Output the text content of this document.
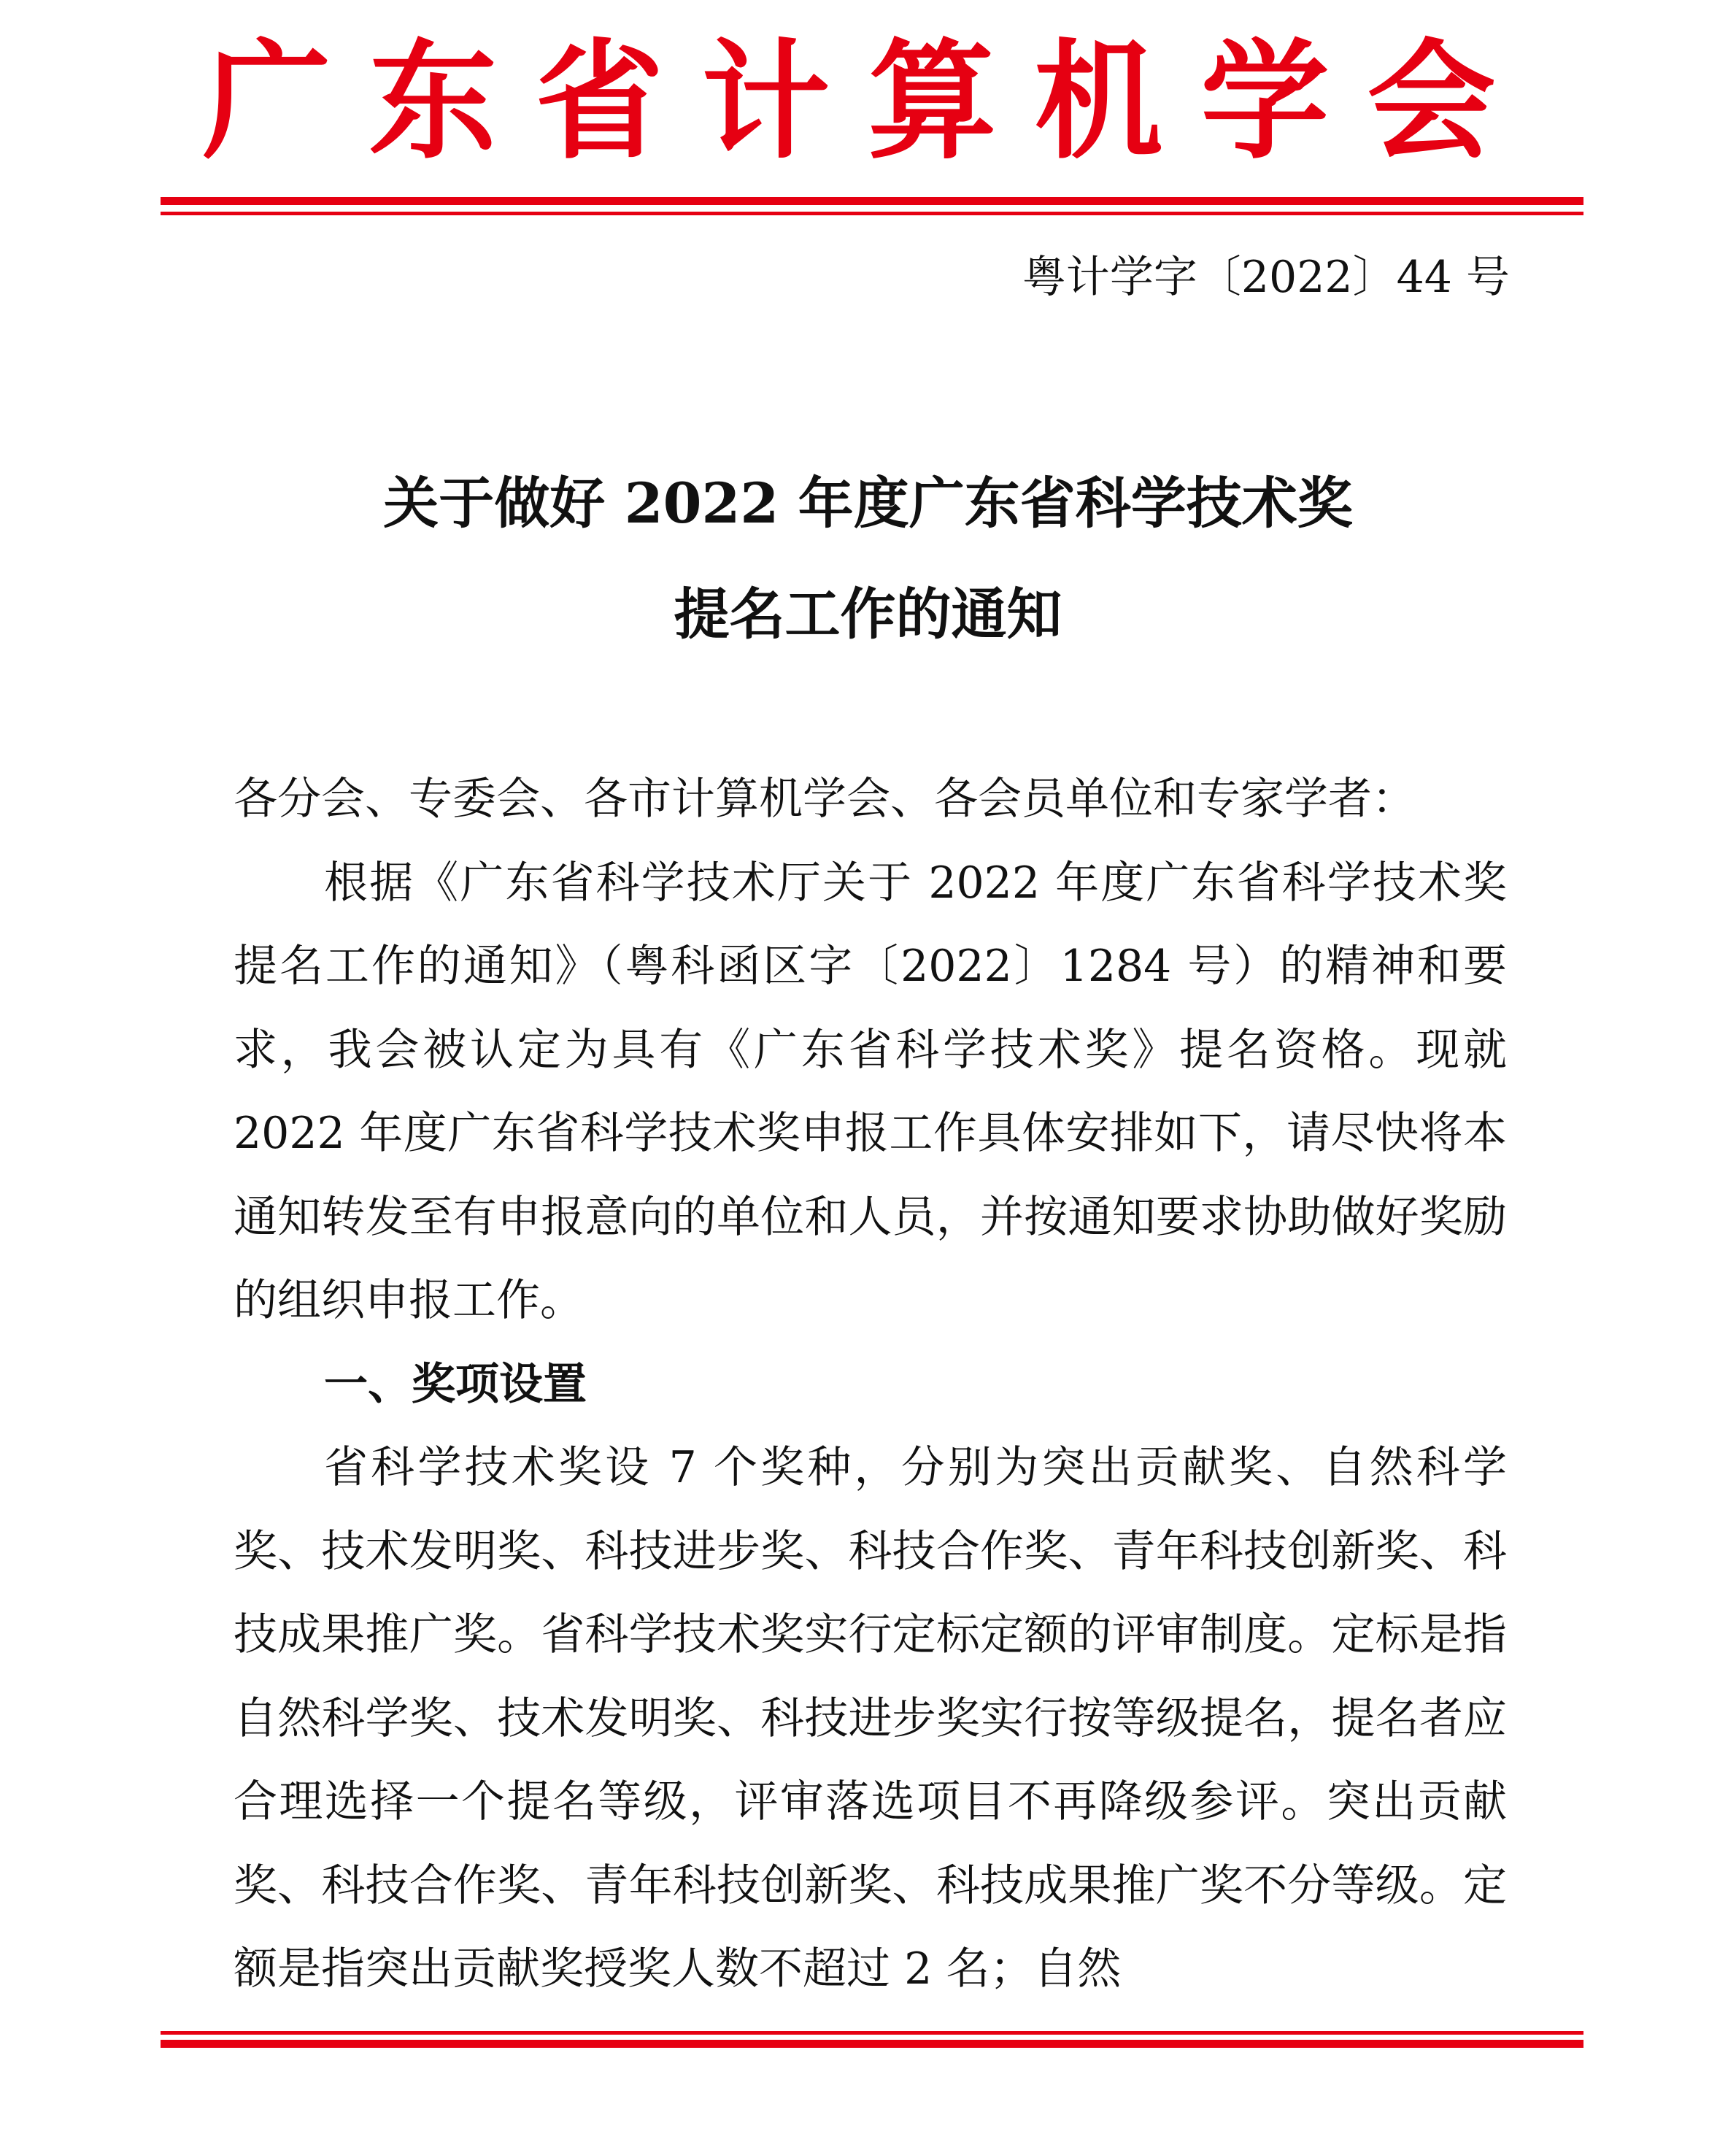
广东省计算机学会
粤计学字〔2022〕44 号
关于做好 2022 年度广东省科学技术奖
提名工作的通知

各分会、专委会、各市计算机学会、各会员单位和专家学者：

根据《广东省科学技术厅关于 2022 年度广东省科学技术奖提名工作的通知》（粤科函区字〔2022〕1284 号）的精神和要求，我会被认定为具有《广东省科学技术奖》提名资格。现就 2022 年度广东省科学技术奖申报工作具体安排如下，请尽快将本通知转发至有申报意向的单位和人员，并按通知要求协助做好奖励的组织申报工作。

一、奖项设置

省科学技术奖设 7 个奖种，分别为突出贡献奖、自然科学奖、技术发明奖、科技进步奖、科技合作奖、青年科技创新奖、科技成果推广奖。省科学技术奖实行定标定额的评审制度。定标是指自然科学奖、技术发明奖、科技进步奖实行按等级提名，提名者应合理选择一个提名等级，评审落选项目不再降级参评。突出贡献奖、科技合作奖、青年科技创新奖、科技成果推广奖不分等级。定额是指突出贡献奖授奖人数不超过 2 名；自然
